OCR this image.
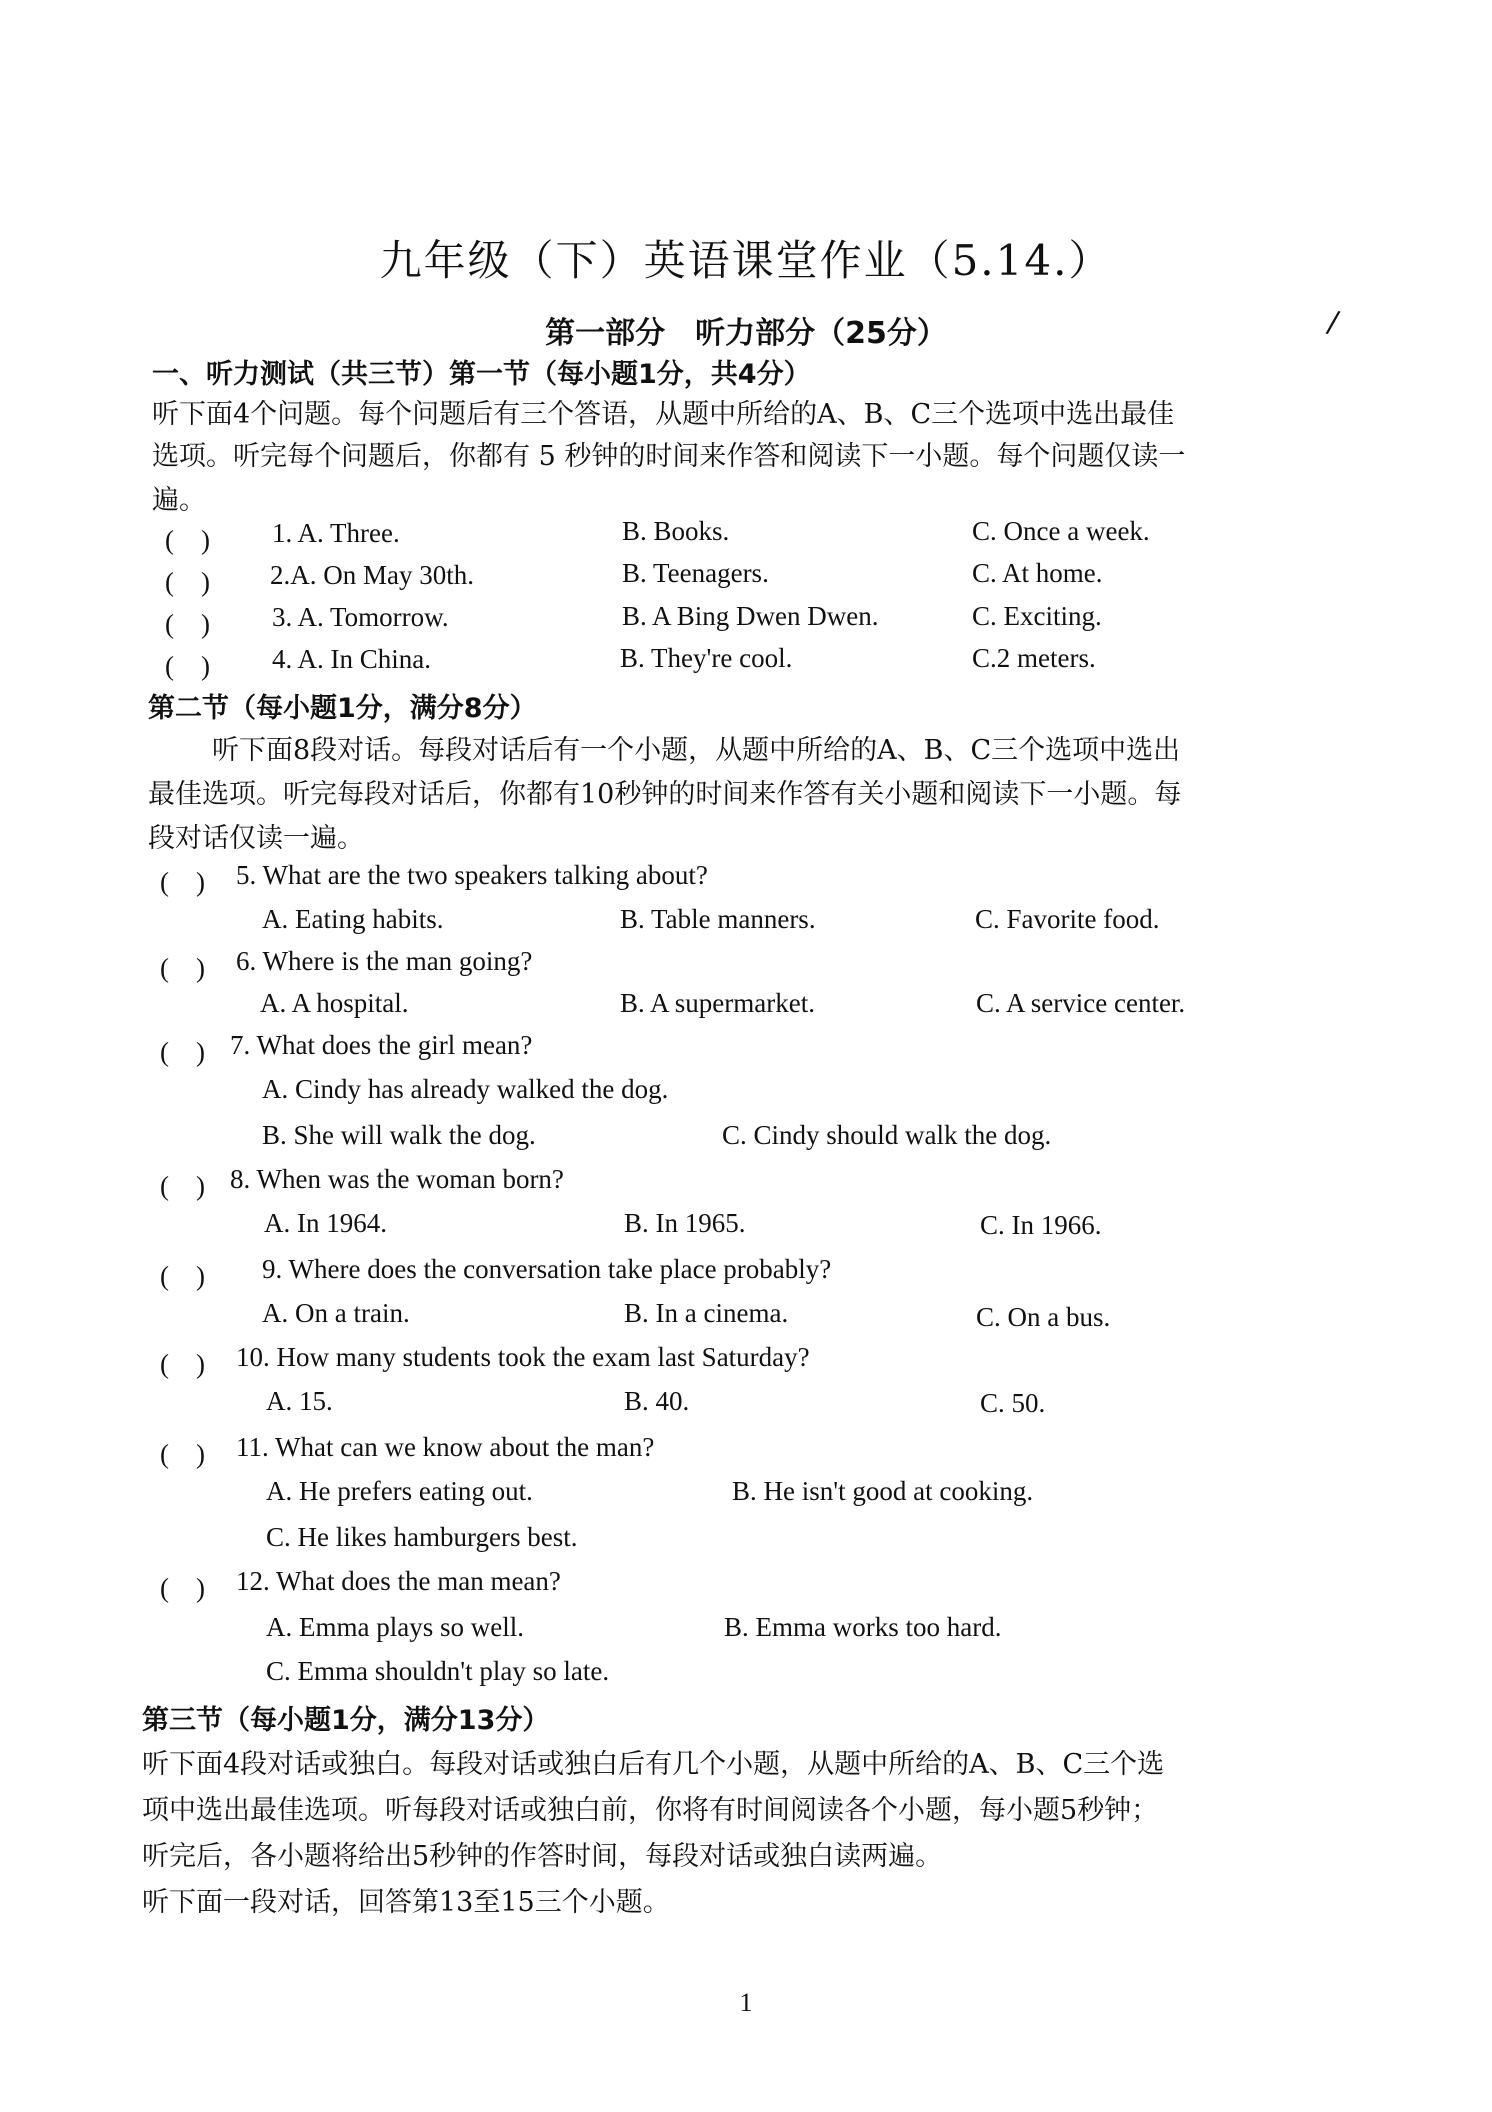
九年级（下）英语课堂作业（5.14.）
第一部分　听力部分（25分）	/
一、听力测试（共三节）第一节（每小题1分，共4分）
听下面4个问题。每个问题后有三个答语，从题中所给的A、B、C三个选项中选出最佳
选项。听完每个问题后，你都有 5 秒钟的时间来作答和阅读下一小题。每个问题仅读一
遍。
(　) 1. A. Three.	B. Books.	C. Once a week.
(　) 2.A. On May 30th.	B. Teenagers.	C. At home.
(　) 3. A. Tomorrow.	B. A Bing Dwen Dwen.	C. Exciting.
(　) 4. A. In China.	B. They're cool.	C.2 meters.
第二节（每小题1分，满分8分）
听下面8段对话。每段对话后有一个小题，从题中所给的A、B、C三个选项中选出
最佳选项。听完每段对话后，你都有10秒钟的时间来作答有关小题和阅读下一小题。每
段对话仅读一遍。
(　) 5. What are the two speakers talking about?
A. Eating habits.	B. Table manners.	C. Favorite food.
(　) 6. Where is the man going?
A. A hospital.	B. A supermarket.	C. A service center.
(　) 7. What does the girl mean?
A. Cindy has already walked the dog.
B. She will walk the dog.	C. Cindy should walk the dog.
(　) 8. When was the woman born?
A. In 1964.	B. In 1965.	C. In 1966.
(　) 9. Where does the conversation take place probably?
A. On a train.	B. In a cinema.	C. On a bus.
(　) 10. How many students took the exam last Saturday?
A. 15.	B. 40.	C. 50.
(　) 11. What can we know about the man?
A. He prefers eating out.	B. He isn't good at cooking.
C. He likes hamburgers best.
(　) 12. What does the man mean?
A. Emma plays so well.	B. Emma works too hard.
C. Emma shouldn't play so late.
第三节（每小题1分，满分13分）
听下面4段对话或独白。每段对话或独白后有几个小题，从题中所给的A、B、C三个选
项中选出最佳选项。听每段对话或独白前，你将有时间阅读各个小题，每小题5秒钟；
听完后，各小题将给出5秒钟的作答时间，每段对话或独白读两遍。
听下面一段对话，回答第13至15三个小题。
1
